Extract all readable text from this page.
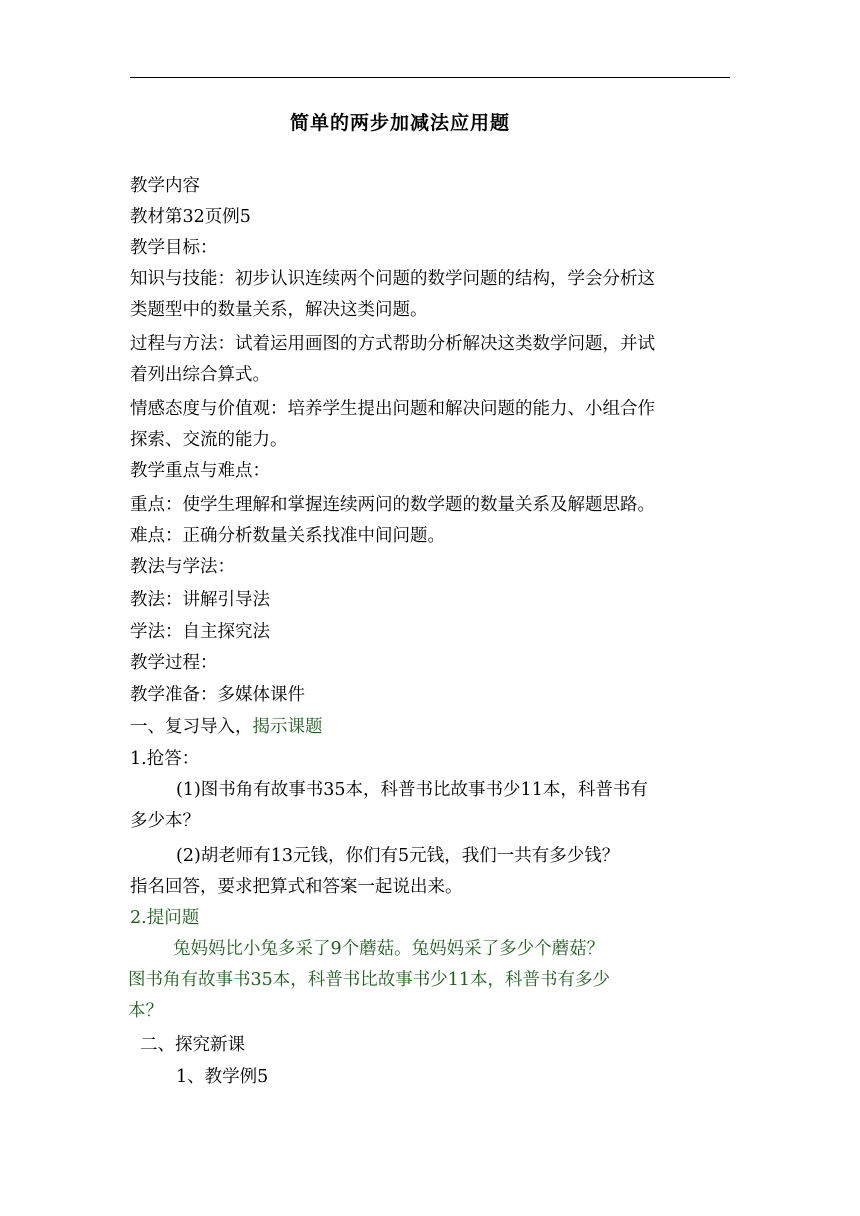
简单的两步加减法应用题
教学内容
教材第32页例5
教学目标：
知识与技能：初步认识连续两个问题的数学问题的结构，学会分析这
类题型中的数量关系，解决这类问题。
过程与方法：试着运用画图的方式帮助分析解决这类数学问题，并试
着列出综合算式。
情感态度与价值观：培养学生提出问题和解决问题的能力、小组合作
探索、交流的能力。
教学重点与难点：
重点：使学生理解和掌握连续两问的数学题的数量关系及解题思路。
难点：正确分析数量关系找准中间问题。
教法与学法：
教法：讲解引导法
学法：自主探究法
教学过程：
教学准备：多媒体课件
一、复习导入，揭示课题
1.抢答：
(1)图书角有故事书35本，科普书比故事书少11本，科普书有
多少本？
(2)胡老师有13元钱，你们有5元钱，我们一共有多少钱？
指名回答，要求把算式和答案一起说出来。
2.提问题
兔妈妈比小兔多采了9个蘑菇。兔妈妈采了多少个蘑菇？
图书角有故事书35本，科普书比故事书少11本，科普书有多少
本？
二、探究新课
1、教学例5
